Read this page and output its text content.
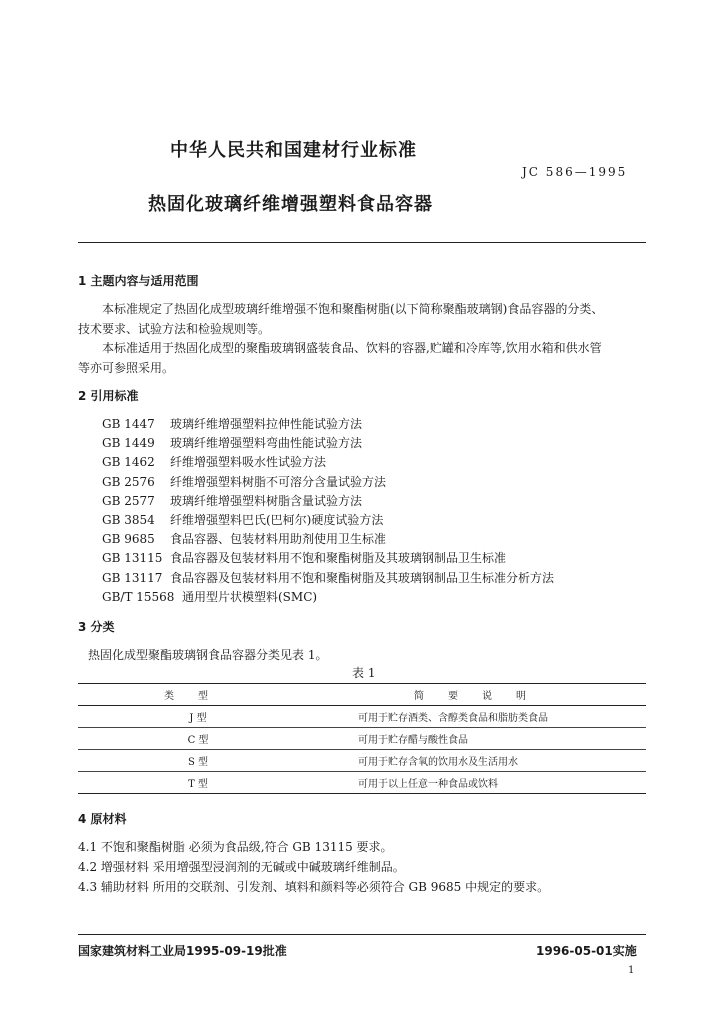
中华人民共和国建材行业标准
JC 586—1995
热固化玻璃纤维增强塑料食品容器
1 主题内容与适用范围
本标准规定了热固化成型玻璃纤维增强不饱和聚酯树脂(以下简称聚酯玻璃钢)食品容器的分类、
技术要求、试验方法和检验规则等。
本标准适用于热固化成型的聚酯玻璃钢盛装食品、饮料的容器,贮罐和冷库等,饮用水箱和供水管
等亦可参照采用。
2 引用标准
GB 1447 玻璃纤维增强塑料拉伸性能试验方法
GB 1449 玻璃纤维增强塑料弯曲性能试验方法
GB 1462 纤维增强塑料吸水性试验方法
GB 2576 纤维增强塑料树脂不可溶分含量试验方法
GB 2577 玻璃纤维增强塑料树脂含量试验方法
GB 3854 纤维增强塑料巴氏(巴柯尔)硬度试验方法
GB 9685 食品容器、包装材料用助剂使用卫生标准
GB 13115 食品容器及包装材料用不饱和聚酯树脂及其玻璃钢制品卫生标准
GB 13117 食品容器及包装材料用不饱和聚酯树脂及其玻璃钢制品卫生标准分析方法
GB/T 15568 通用型片状模塑料(SMC)
3 分类
热固化成型聚酯玻璃钢食品容器分类见表 1。
表 1
类型	简要说明
J 型	可用于贮存酒类、含醇类食品和脂肪类食品
C 型	可用于贮存醋与酸性食品
S 型	可用于贮存含氧的饮用水及生活用水
T 型	可用于以上任意一种食品或饮料
4 原材料
4.1 不饱和聚酯树脂 必须为食品级,符合 GB 13115 要求。
4.2 增强材料 采用增强型浸润剂的无碱或中碱玻璃纤维制品。
4.3 辅助材料 所用的交联剂、引发剂、填料和颜料等必须符合 GB 9685 中规定的要求。
国家建筑材料工业局1995-09-19批准	1996-05-01实施
1
